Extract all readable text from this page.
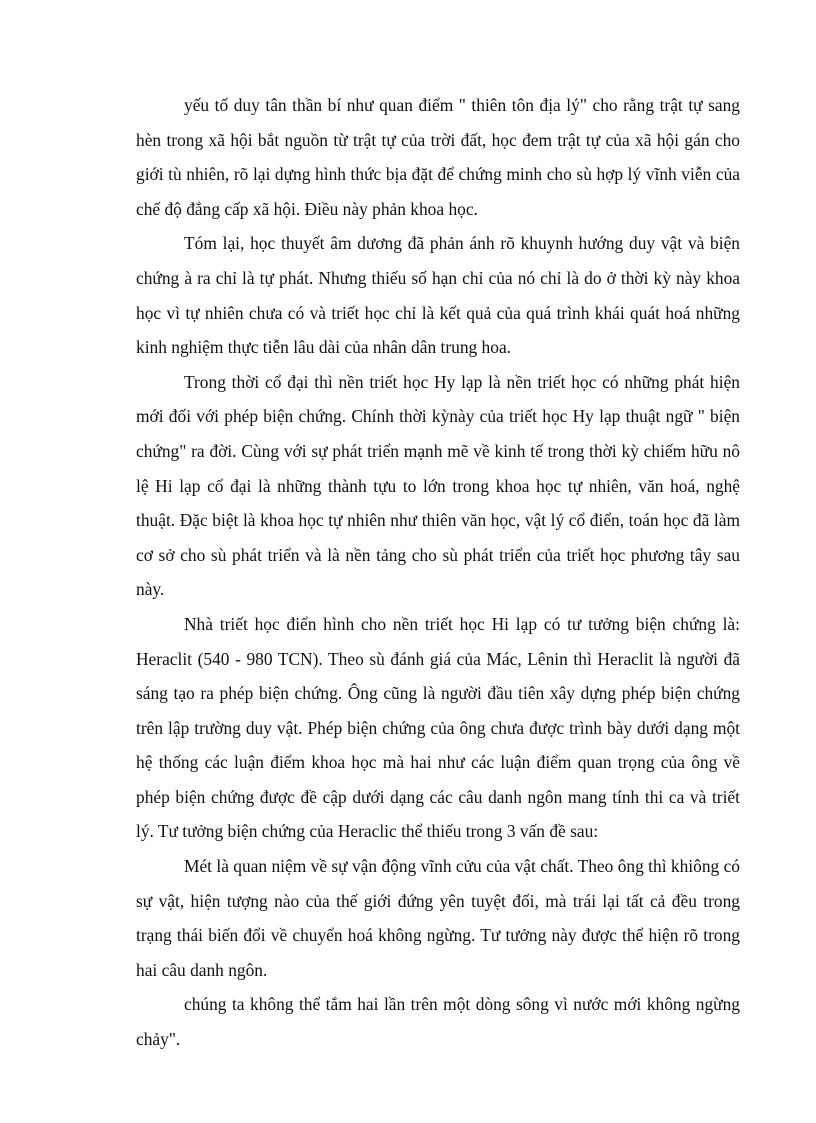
yếu tố duy tân thần bí như quan điểm " thiên tôn địa lý" cho rằng trật tự sang hèn trong xã hội bắt nguồn từ trật tự của trời đất, học đem trật tự của xã hội gán cho giới tù nhiên, rõ lại dựng hình thức bịa đặt để chứng minh cho sù hợp lý vĩnh viễn của chế độ đẳng cấp xã hội. Điều này phản khoa học.

Tóm lại, học thuyết âm dương đã phản ánh rõ khuynh hướng duy vật và biện chứng à ra chỉ là tự phát. Nhưng thiếu số hạn chỉ của nó chỉ là do ở thời kỳ này khoa học vì tự nhiên chưa có và triết học chỉ là kết quả của quá trình khái quát hoá những kinh nghiệm thực tiễn lâu dài của nhân dân trung hoa.

Trong thời cổ đại thì nền triết học Hy lạp là nền triết học có những phát hiện mới đối với phép biện chứng. Chính thời kỳnày của triết học Hy lạp thuật ngữ " biện chứng" ra đời. Cùng với sự phát triển mạnh mẽ về kinh tế trong thời kỳ chiếm hữu nô lệ Hi lạp cổ đại là những thành tựu to lớn trong khoa học tự nhiên, văn hoá, nghệ thuật. Đặc biệt là khoa học tự nhiên như thiên văn học, vật lý cổ điển, toán học đã làm cơ sở cho sù phát triển và là nền tảng cho sù phát triển của triết học phương tây sau này.

Nhà triết học điển hình cho nền triết học Hi lạp có tư tưởng biện chứng là: Heraclit (540 - 980 TCN). Theo sù đánh giá của Mác, Lênin thì Heraclit là người đã sáng tạo ra phép biện chứng. Ông cũng là người đầu tiên xây dựng phép biện chứng trên lập trường duy vật. Phép biện chứng của ông chưa được trình bày dưới dạng một hệ thống các luận điểm khoa học mà hai như các luận điểm quan trọng của ông về phép biện chứng được đề cập dưới dạng các câu danh ngôn mang tính thi ca và triết lý. Tư tưởng biện chứng của Heraclic thể thiếu trong 3 vấn đề sau:

Mét là quan niệm về sự vận động vĩnh cửu của vật chất. Theo ông thì khiông có sự vật, hiện tượng nào của thế giới đứng yên tuyệt đối, mà trái lại tất cả đều trong trạng thái biến đổi về chuyển hoá không ngừng. Tư tưởng này được thể hiện rõ trong hai câu danh ngôn.

chúng ta không thể tắm hai lần trên một dòng sông vì nước mới không ngừng chảy".
